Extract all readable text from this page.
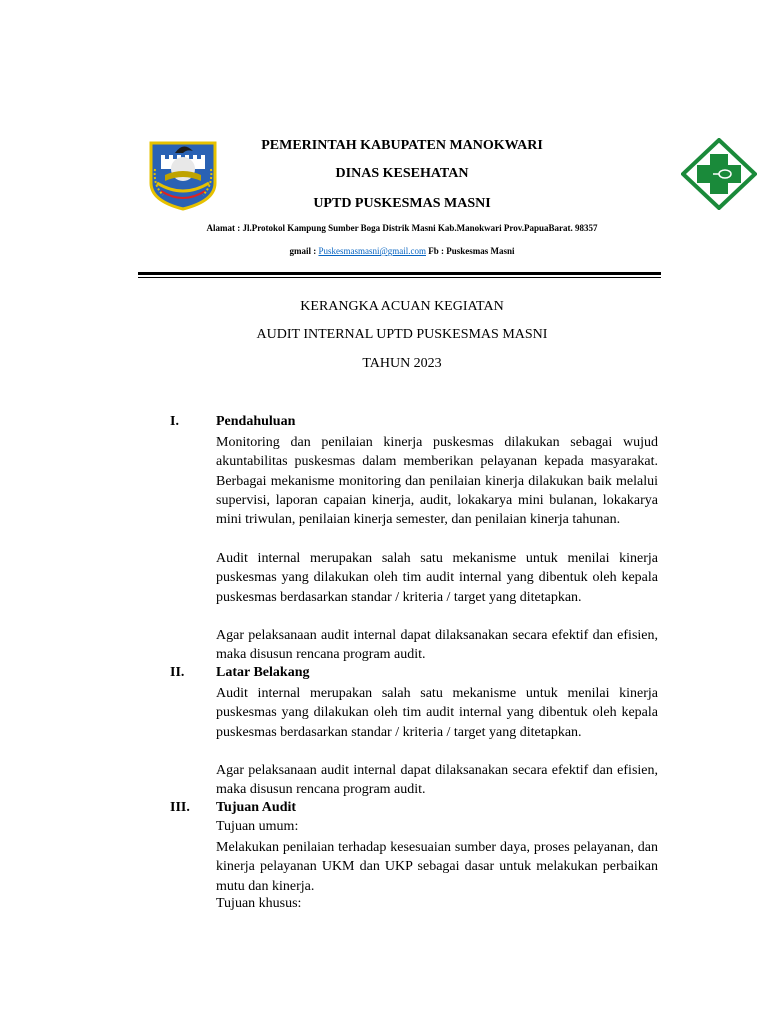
PEMERINTAH KABUPATEN MANOKWARI
DINAS KESEHATAN
UPTD PUSKESMAS MASNI
Alamat : Jl.Protokol Kampung Sumber Boga Distrik Masni Kab.Manokwari Prov.PapuaBarat. 98357
gmail : Puskesmasmasni@gmail.com Fb : Puskesmas Masni
KERANGKA ACUAN KEGIATAN
AUDIT INTERNAL UPTD PUSKESMAS MASNI
TAHUN 2023
I.	Pendahuluan

Monitoring dan penilaian kinerja puskesmas dilakukan sebagai wujud akuntabilitas puskesmas dalam memberikan pelayanan kepada masyarakat. Berbagai mekanisme monitoring dan penilaian kinerja dilakukan baik melalui supervisi, laporan capaian kinerja, audit, lokakarya mini bulanan, lokakarya mini triwulan, penilaian kinerja semester, dan penilaian kinerja tahunan.

Audit internal merupakan salah satu mekanisme untuk menilai kinerja puskesmas yang dilakukan oleh tim audit internal yang dibentuk oleh kepala puskesmas berdasarkan standar / kriteria / target yang ditetapkan.

Agar pelaksanaan audit internal dapat dilaksanakan secara efektif dan efisien, maka disusun rencana program audit.

II. Latar Belakang

Audit internal merupakan salah satu mekanisme untuk menilai kinerja puskesmas yang dilakukan oleh tim audit internal yang dibentuk oleh kepala puskesmas berdasarkan standar / kriteria / target yang ditetapkan.

Agar pelaksanaan audit internal dapat dilaksanakan secara efektif dan efisien, maka disusun rencana program audit.

III. Tujuan Audit
Tujuan umum:

Melakukan penilaian terhadap kesesuaian sumber daya, proses pelayanan, dan kinerja pelayanan UKM dan UKP sebagai dasar untuk melakukan perbaikan mutu dan kinerja.

Tujuan khusus:
